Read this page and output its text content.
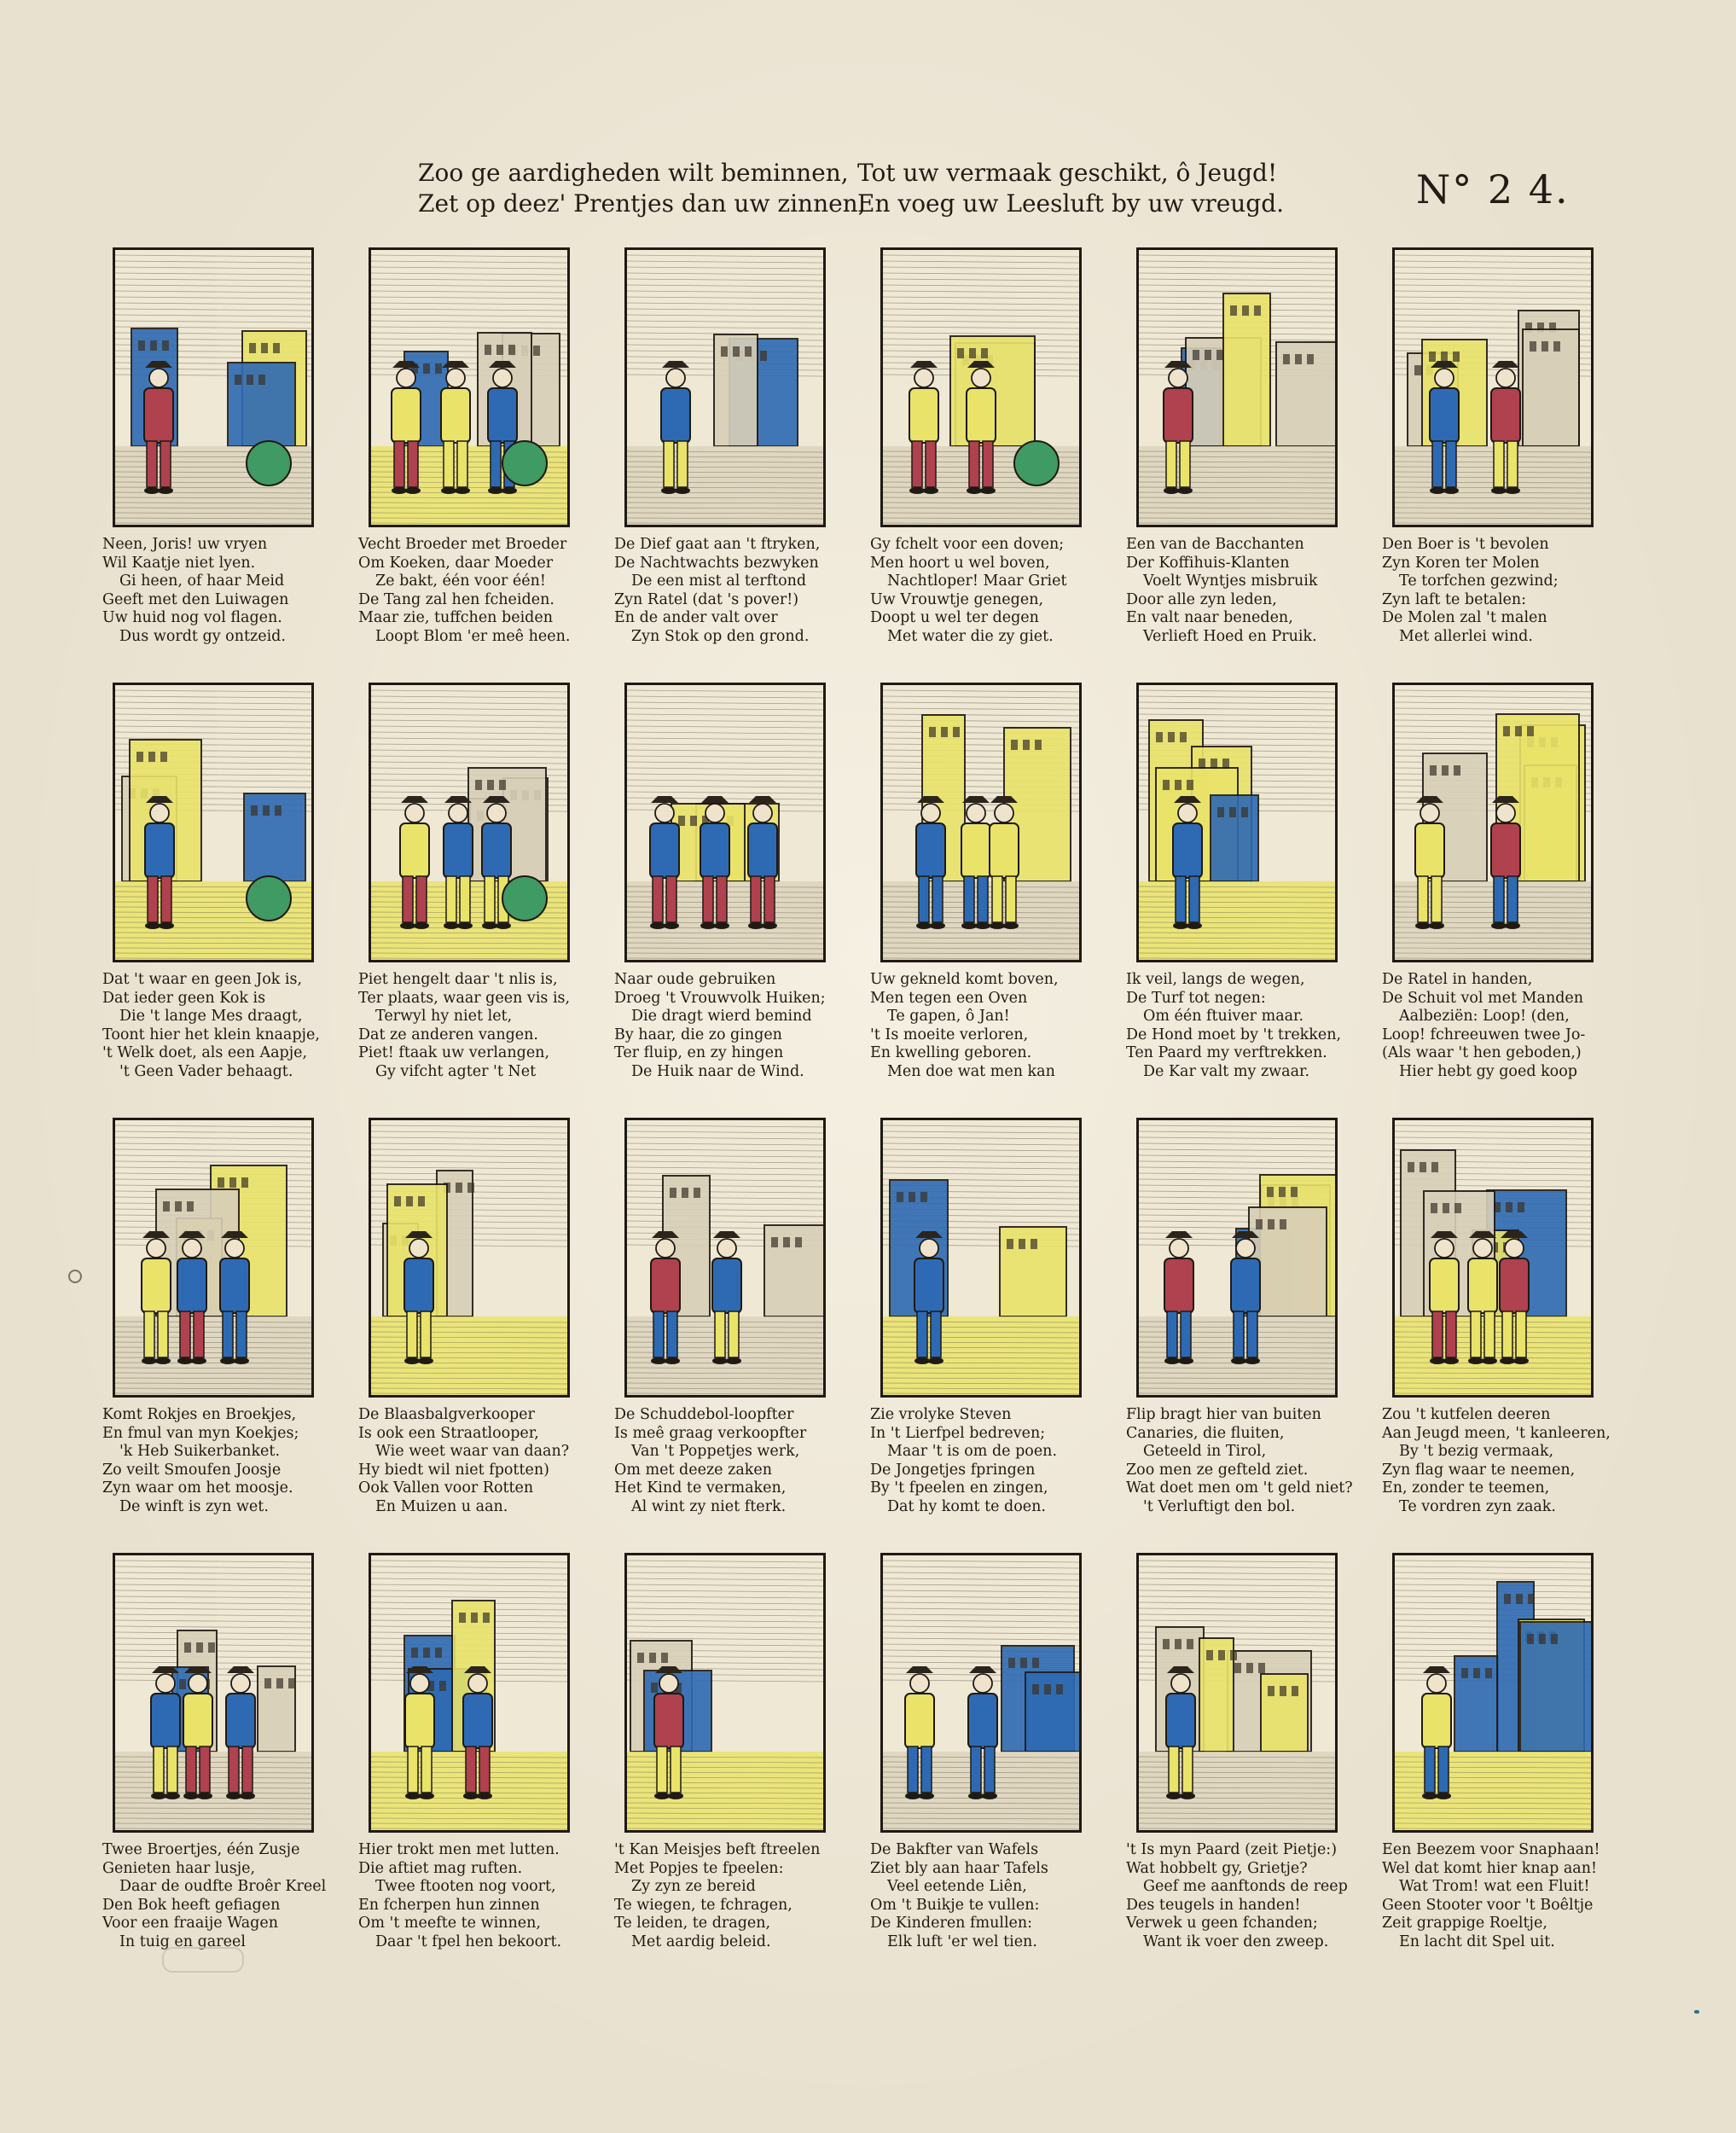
Zoo ge aardigheden wilt beminnen,
Zet op deez' Prentjes dan uw zinnen,
Tot uw vermaak geschikt, ô Jeugd!
En voeg uw Leesluft by uw vreugd.	N° 2 4.
Neen, Joris! uw vryen
Wil Kaatje niet lyen.
Gi heen, of haar Meid
Geeft met den Luiwagen
Uw huid nog vol flagen.
Dus wordt gy ontzeid.
Vecht Broeder met Broeder
Om Koeken, daar Moeder
Ze bakt, één voor één!
De Tang zal hen fcheiden.
Maar zie, tuffchen beiden
Loopt Blom 'er meê heen.
De Dief gaat aan 't ftryken,
De Nachtwachts bezwyken
De een mist al terftond
Zyn Ratel (dat 's pover!)
En de ander valt over
Zyn Stok op den grond.
Gy fchelt voor een doven;
Men hoort u wel boven,
Nachtloper! Maar Griet
Uw Vrouwtje genegen,
Doopt u wel ter degen
Met water die zy giet.
Een van de Bacchanten
Der Koffihuis-Klanten
Voelt Wyntjes misbruik
Door alle zyn leden,
En valt naar beneden,
Verlieft Hoed en Pruik.
Den Boer is 't bevolen
Zyn Koren ter Molen
Te torfchen gezwind;
Zyn laft te betalen:
De Molen zal 't malen
Met allerlei wind.
Dat 't waar en geen Jok is,
Dat ieder geen Kok is
Die 't lange Mes draagt,
Toont hier het klein knaapje,
't Welk doet, als een Aapje,
't Geen Vader behaagt.
Piet hengelt daar 't nlis is,
Ter plaats, waar geen vis is,
Terwyl hy niet let,
Dat ze anderen vangen.
Piet! ftaak uw verlangen,
Gy vifcht agter 't Net
Naar oude gebruiken
Droeg 't Vrouwvolk Huiken;
Die dragt wierd bemind
By haar, die zo gingen
Ter fluip, en zy hingen
De Huik naar de Wind.
Uw gekneld komt boven,
Men tegen een Oven
Te gapen, ô Jan!
't Is moeite verloren,
En kwelling geboren.
Men doe wat men kan
Ik veil, langs de wegen,
De Turf tot negen:
Om één ftuiver maar.
De Hond moet by 't trekken,
Ten Paard my verftrekken.
De Kar valt my zwaar.
De Ratel in handen,
De Schuit vol met Manden
Aalbeziën: Loop! (den,
Loop! fchreeuwen twee Jo-
(Als waar 't hen geboden,)
Hier hebt gy goed koop
Komt Rokjes en Broekjes,
En fmul van myn Koekjes;
'k Heb Suikerbanket.
Zo veilt Smoufen Joosje
Zyn waar om het moosje.
De winft is zyn wet.
De Blaasbalgverkooper
Is ook een Straatlooper,
Wie weet waar van daan?
Hy biedt wil niet fpotten)
Ook Vallen voor Rotten
En Muizen u aan.
De Schuddebol-loopfter
Is meê graag verkoopfter
Van 't Poppetjes werk,
Om met deeze zaken
Het Kind te vermaken,
Al wint zy niet fterk.
Zie vrolyke Steven
In 't Lierfpel bedreven;
Maar 't is om de poen.
De Jongetjes fpringen
By 't fpeelen en zingen,
Dat hy komt te doen.
Flip bragt hier van buiten
Canaries, die fluiten,
Geteeld in Tirol,
Zoo men ze gefteld ziet.
Wat doet men om 't geld niet?
't Verluftigt den bol.
Zou 't kutfelen deeren
Aan Jeugd meen, 't kanleeren,
By 't bezig vermaak,
Zyn flag waar te neemen,
En, zonder te teemen,
Te vordren zyn zaak.
Twee Broertjes, één Zusje
Genieten haar lusje,
Daar de oudfte Broêr Kreel
Den Bok heeft gefiagen
Voor een fraaije Wagen
In tuig en gareel
Hier trokt men met lutten.
Die aftiet mag ruften.
Twee ftooten nog voort,
En fcherpen hun zinnen
Om 't meefte te winnen,
Daar 't fpel hen bekoort.
't Kan Meisjes beft ftreelen
Met Popjes te fpeelen:
Zy zyn ze bereid
Te wiegen, te fchragen,
Te leiden, te dragen,
Met aardig beleid.
De Bakfter van Wafels
Ziet bly aan haar Tafels
Veel eetende Liên,
Om 't Buikje te vullen:
De Kinderen fmullen:
Elk luft 'er wel tien.
't Is myn Paard (zeit Pietje:)
Wat hobbelt gy, Grietje?
Geef me aanftonds de reep
Des teugels in handen!
Verwek u geen fchanden;
Want ik voer den zweep.
Een Beezem voor Snaphaan!
Wel dat komt hier knap aan!
Wat Trom! wat een Fluit!
Geen Stooter voor 't Boêltje
Zeit grappige Roeltje,
En lacht dit Spel uit.
